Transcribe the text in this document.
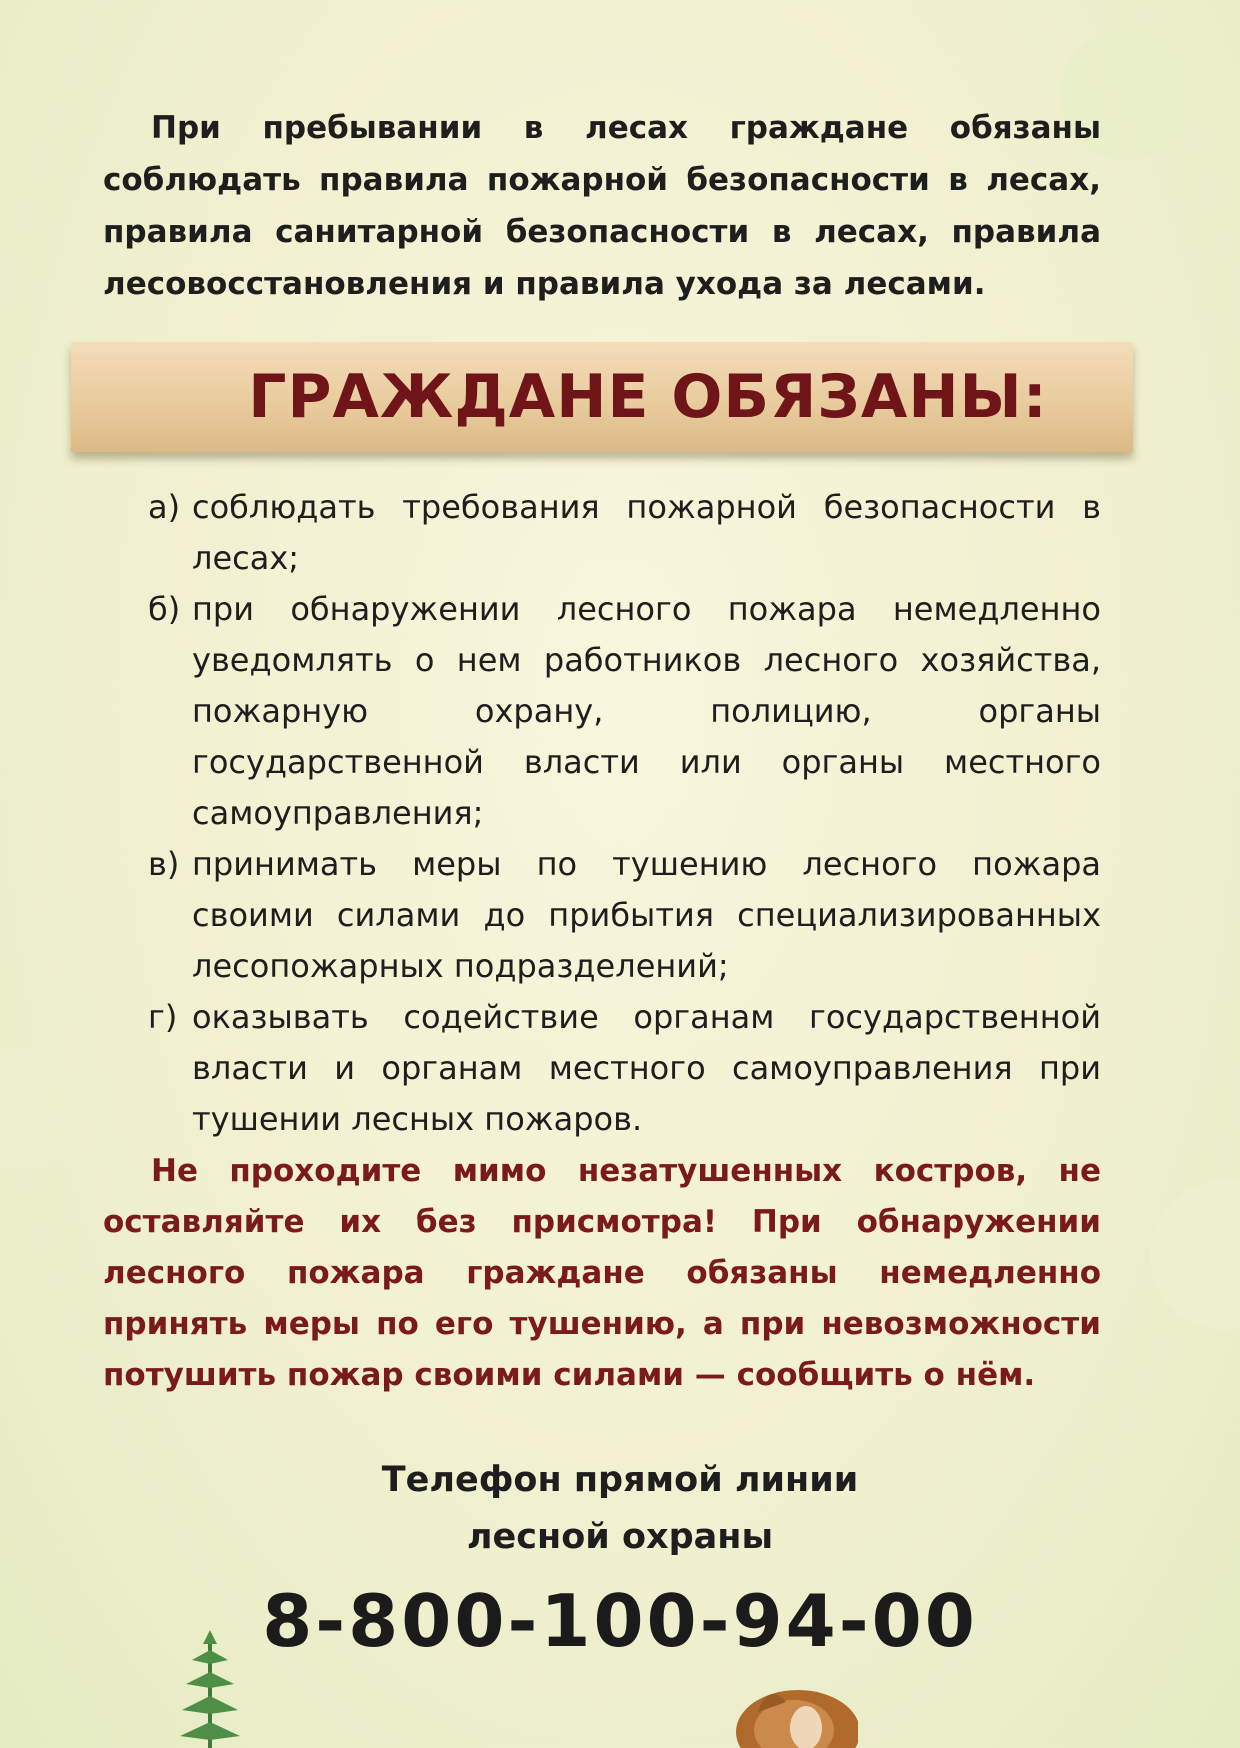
При пребывании в лесах граждане обязаны соблюдать правила пожарной безопасности в лесах, правила санитарной безопасности в лесах, правила лесовосстановления и правила ухода за лесами.

ГРАЖДАНЕ ОБЯЗАНЫ:
а) соблюдать требования пожарной безопасности в лесах;
б) при обнаружении лесного пожара немедленно уведомлять о нем работников лесного хозяйства, пожарную охрану, полицию, органы государственной власти или органы местного самоуправления;
в) принимать меры по тушению лесного пожара своими силами до прибытия специализированных лесопожарных подразделений;
г) оказывать содействие органам государственной власти и органам местного самоуправления при тушении лесных пожаров.

Не проходите мимо незатушенных костров, не оставляйте их без присмотра! При обнаружении лесного пожара граждане обязаны немедленно принять меры по его тушению, а при невозможности потушить пожар своими силами — сообщить о нём.

Телефон прямой линии
лесной охраны
8-800-100-94-00
